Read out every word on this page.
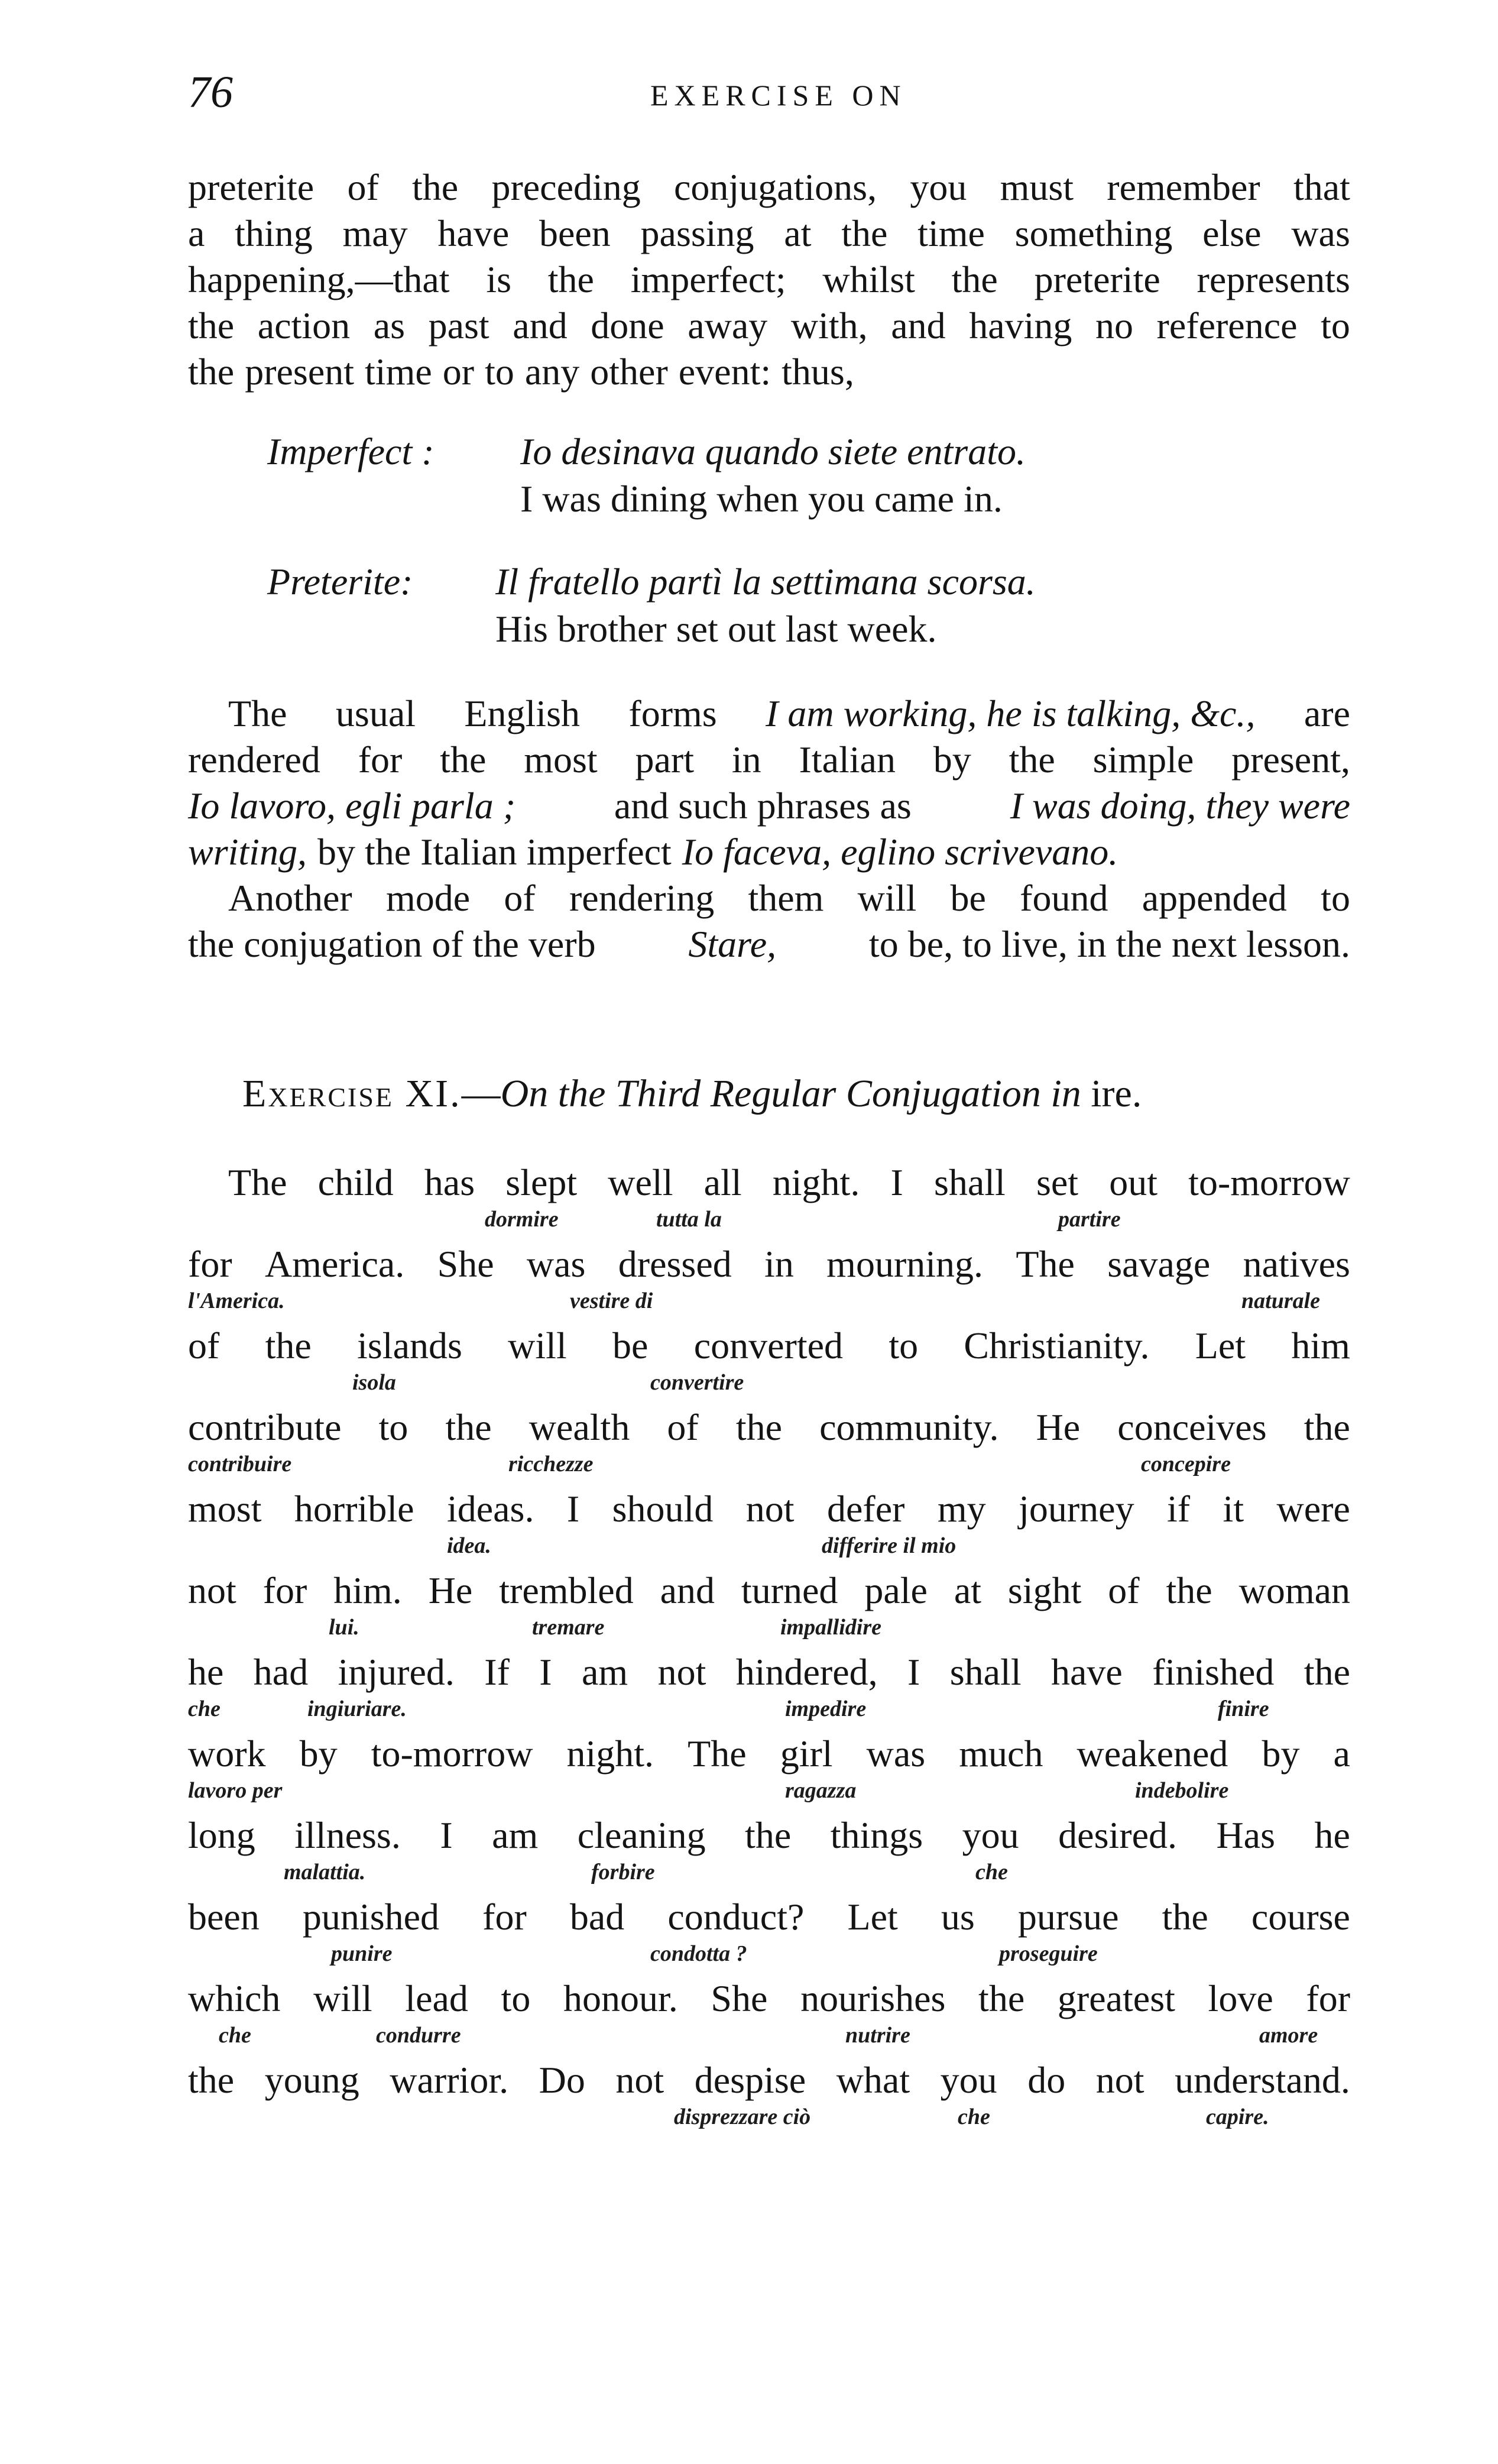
76	EXERCISE ON
preterite of the preceding conjugations, you must remember that
a thing may have been passing at the time something else was
happening,—that is the imperfect; whilst the preterite represents
the action as past and done away with, and having no reference to
the present time or to any other event: thus,
Imperfect : Io desinava quando siete entrato.
I was dining when you came in.
Preterite: Il fratello partì la settimana scorsa.
His brother set out last week.
The usual English forms I am working, he is talking, &c., are
rendered for the most part in Italian by the simple present,
Io lavoro, egli parla ;	and such phrases as	I was doing, they were
writing, by the Italian imperfect Io faceva, eglino scrivevano.
Another mode of rendering them will be found appended to
the conjugation of the verb Stare, to be, to live, in the next lesson.
Exercise XI.—On the Third Regular Conjugation in ire.
The child has slept well all night. I shall set out to-morrow
dormire	tutta la	partire
for America. She was dressed in mourning. The savage natives
l'America.	vestire di	naturale
of the islands will be converted to Christianity. Let him
isola	convertire
contribute to the wealth of the community. He conceives the
contribuire	ricchezze	concepire
most horrible ideas. I should not defer my journey if it were
idea.	differire il mio
not for him. He trembled and turned pale at sight of the woman
lui.	tremare	impallidire
he had injured. If I am not hindered, I shall have finished the
che	ingiuriare.	impedire	finire
work by to-morrow night. The girl was much weakened by a
lavoro per	ragazza	indebolire
long illness. I am cleaning the things you desired. Has he
malattia.	forbire	che
been punished for bad conduct? Let us pursue the course
punire	condotta ?	proseguire
which will lead to honour. She nourishes the greatest love for
che	condurre	nutrire	amore
the young warrior. Do not despise what you do not understand.
disprezzare ciò	che	capire.
